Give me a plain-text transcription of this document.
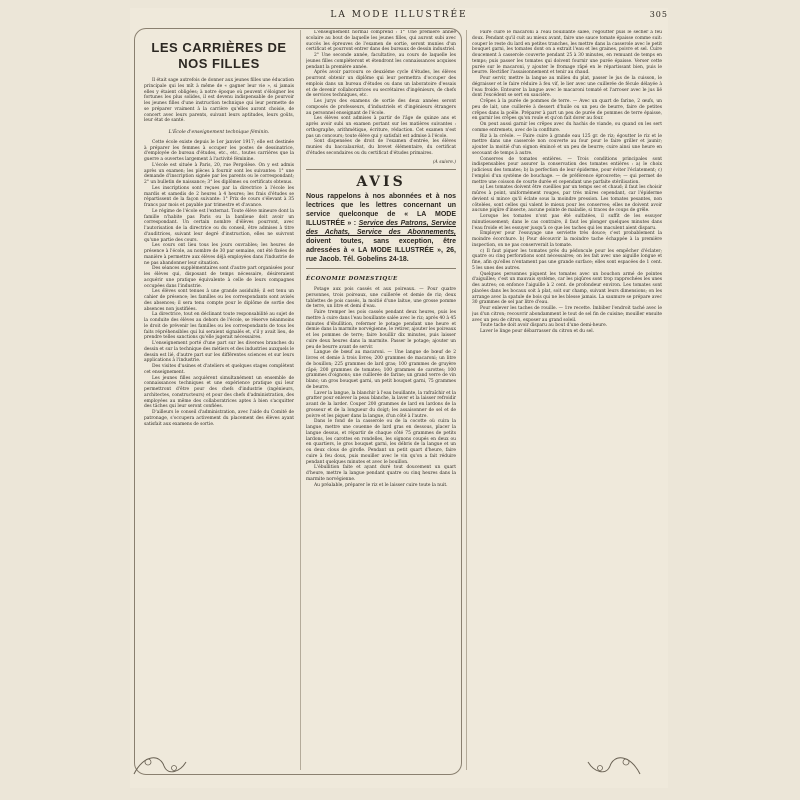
LA MODE ILLUSTRÉE	305
LES CARRIÈRES DE NOS FILLES

Il était sage autrefois de donner aux jeunes filles une éducation principale qui les mît à même de « gagner leur vie », si jamais elles y étaient obligées; à notre époque où peuvent s'éloigner les fortunes les plus solides, il est devenu indispensable de pourvoir les jeunes filles d'une instruction technique qui leur permette de se préparer vraiment à la carrière qu'elles auront choisie, de concert avec leurs parents, suivant leurs aptitudes, leurs goûts, leur état de santé.

L'École d'enseignement technique féminin.

Cette école existe depuis le 1er janvier 1917; elle est destinée à préparer les femmes à occuper les postes de dessinatrice, d'employée de bureau d'études, etc., etc., toutes carrières que la guerre a ouvertes largement à l'activité féminine.

L'école est située à Paris, 20, rue Pergolèse. On y est admis après un examen; les pièces à fournir sont les suivantes: 1° une demande d'inscription signée par les parents ou le correspondant; 2° un bulletin de naissance; 3° les diplômes ou certificats obtenus.

Les inscriptions sont reçues par la directrice à l'école les mardis et samedis de 2 heures à 4 heures; les frais d'études se répartissent de la façon suivante: 1° Prix de cours s'élevant à 35 francs par mois et payable par trimestre et d'avance.

Le régime de l'école est l'externat. Toute élève mineure dont la famille n'habite pas Paris ou la banlieue doit avoir un correspondant. Un certain nombre d'élèves pourront, avec l'autorisation de la directrice ou du conseil, être admises à titre d'auditrices, suivant leur degré d'instruction, elles ne suivront qu'une partie des cours.

Les cours ont lieu tous les jours ouvrables; les heures de présence à l'école, au nombre de 30 par semaine, ont été fixées de manière à permettre aux élèves déjà employées dans l'industrie de ne pas abandonner leur situation.

Des séances supplémentaires sont d'autre part organisées pour les élèves qui, disposant de temps nécessaire, désireraient acquérir une pratique équivalente à celle de leurs compagnes occupées dans l'industrie.

Les élèves sont tenues à une grande assiduité; il est tenu un cahier de présence; les familles ou les correspondants sont avisés des absences; il sera tenu compte pour le diplôme de sortie des absences non justifiées.

La directrice, tout en déclinant toute responsabilité au sujet de la conduite des élèves au dehors de l'école, se réserve néanmoins le droit de prévenir les familles ou les correspondants de tous les faits répréhensibles qui lui seraient signalés et, s'il y avait lieu, de prendre telles sanctions qu'elle jugerait nécessaires.

L'enseignement porté d'une part sur les diverses branches du dessin et sur la technique des métiers et des industries auxquels le dessin est lié, d'autre part sur les différentes sciences et sur leurs applications à l'industrie.

Des visites d'usines et d'ateliers et quelques stages complètent cet enseignement.

Les jeunes filles acquièrent simultanément un ensemble de connaissances techniques et une expérience pratique qui leur permettront d'être pour des chefs d'industrie (ingénieurs, architectes, constructeurs) et pour des chefs d'administration, des employées au même des collaboratrices aptes à bien s'acquitter des tâches qui leur seront confiées.

D'ailleurs le conseil d'administration, avec l'aide du Comité de patronage, s'occupera activement du placement des élèves ayant satisfait aux examens de sortie.

L'enseignement normal comprend : 1° Une première année scolaire au bout de laquelle les jeunes filles, qui auront subi avec succès les épreuves de l'examen de sortie, seront munies d'un certificat et pourront entrer dans des bureaux de dessin industriel.

2° Une seconde année, facultative, au cours de laquelle les jeunes filles compléteront et étendront les connaissances acquises pendant la première année.

Après avoir parcouru ce deuxième cycle d'études, les élèves pourront obtenir un diplôme qui leur permettra d'occuper des emplois dans un bureau d'études ou dans un laboratoire d'essais et de devenir collaboratrices ou secrétaires d'ingénieurs, de chefs de services techniques, etc.

Les jurys des examens de sortie des deux années seront composés de professeurs, d'industriels et d'ingénieurs étrangers au personnel enseignant de l'école.

Les élèves sont admises à partir de l'âge de quinze ans et après avoir subi un examen portant sur les matières suivantes : orthographe, arithmétique, écriture, rédaction. Cet examen n'est pas un concours; toute élève qui y satisfait est admise à l'école.

Sont dispensées de droit de l'examen d'entrée, les élèves munies du baccalauréat, du brevet élémentaire, du certificat d'études secondaires ou du certificat d'études primaires.

(A suivre.)
AVIS
Nous rappelons à nos abonnées et à nos lectrices que les lettres concernant un service quelconque de « LA MODE ILLUSTRÉE » : Service des Patrons, Service des Achats, Service des Abonnements, doivent toutes, sans exception, être adressées à « LA MODE ILLUSTRÉE », 26, rue Jacob. Tél. Gobelins 24-18.
ÉCONOMIE DOMESTIQUE

Potage aux pois cassés et aux poireaux. — Pour quatre personnes, trois poireaux, une cuillerée et demie de riz; deux tablettes de pois cassés, la moitié d'une laitue, une grosse pomme de terre, un litre et demi d'eau.

Faire tremper les pois cassés pendant deux heures, puis les mettre à cuire dans l'eau bouillante salée avec le riz; après 40 à 45 minutes d'ébullition, refermer le potage pendant une heure et demie dans la marmite norvégienne, le retirer, ajouter les poireaux et les pommes de terre; faire bouillir dix minutes, puis laisser cuire deux heures dans la marmite. Passer le potage; ajouter un peu de beurre avant de servir.

Langue de bœuf au macaroni. — Une langue de bœuf de 2 livres et demie à trois livres; 200 grammes de macaroni; un litre de bouillon; 225 grammes de lard gras; 100 grammes de gruyère râpé; 200 grammes de tomates; 100 grammes de carottes; 100 grammes d'oignons; une cuillerée de farine; un grand verre de vin blanc; un gros bouquet garni, un petit bouquet garni, 75 grammes de beurre.

Laver la langue, la blanchir à l'eau bouillante, la rafraîchir et la gratter pour enlever la peau blanche, la laver et la laisser refroidir avant de la larder. Couper 200 grammes de lard en lardons de la grosseur et de la longueur du doigt; les assaisonner de sel et de poivre et les piquer dans la langue, d'un côté à l'autre.

Dans le fond de la casserole ou de la cocotte où cuira la langue, mettre une couenne de lard gras en dessous, placer la langue dessus, et répartir de chaque côté 75 grammes de petits lardons, les carottes en rondelles, les oignons coupés en deux ou en quartiers, le gros bouquet garni, les débris de la langue et un ou deux clous de girofle. Pendant un petit quart d'heure, faire cuire à feu doux, puis mouiller avec le vin qu'on a fait réduire pendant quelques minutes et avec le bouillon.

L'ébullition faite et ayant duré tout doucement un quart d'heure, mettre la langue pendant quatre ou cinq heures dans la marmite norvégienne.

Au préalable, préparer le riz et le laisser cuire toute la nuit.

Faire cuire le macaroni à l'eau bouillante salée, l'égoutter puis le sécher à feu doux. Pendant qu'il cuit au mieux avant, faire une sauce tomate épaisse comme suit: couper le reste du lard en petites tranches, les mettre dans la casserole avec le petit bouquet garni, les tomates dont on a extrait l'eau et les graines, poivre et sel. Cuire doucement à casserole couverte pendant 25 à 30 minutes, en remuant de temps en temps; puis passer les tomates qui doivent fournir une purée épaisse. Verser cette purée sur le macaroni, y ajouter le fromage râpé en le répartissant bien, puis le beurre. Rectifier l'assaisonnement et tenir au chaud.

Pour servir, mettre la langue au milieu du plat, passer le jus de la cuisson, le dégraisser et le faire réduire à feu vif, le lier avec une cuillerée de fécule délayée à l'eau froide. Entourer la langue avec le macaroni tomaté et l'arroser avec le jus lié dont l'excédent se sert en saucière.

Crêpes à la purée de pommes de terre. — Avec un quart de farine, 2 œufs, un peu de lait, une cuillerée à dessert d'huile ou un peu de beurre, faire de petites crêpes dans la poêle. Préparer à part un peu de purée de pommes de terre épaisse, en garnir les crêpes qu'on roule et qu'on fait dorer au four.

On peut aussi garnir les crêpes avec du hachis de viande, ou quand on les sert comme entremets, avec de la confiture.

Riz à la créole. — Faire cuire à grande eau 125 gr. de riz; égoutter le riz et le mettre dans une casserole non couverte au four pour le faire griller et jaunir; ajouter la moitié d'un oignon émincé et un peu de beurre; cuire ainsi une heure en secouant de temps à autre.

Conserves de tomates entières. — Trois conditions principales sont indispensables pour assurer la conservation des tomates entières : a) le choix judicieux des tomates; b) la perfection de leur épiderme, pour éviter l'éclatement; c) l'emploi d'un système de bouchage. — de préférence éprouvette; — qui permet de mettre une coisson de courte durée et cependant une parfaite stérilisation.

a) Les tomates doivent être cueillies par un temps sec et chaud; il faut les choisir mûres à point, uniformément rouges, par très mûres cependant, car l'épiderme devient si mince qu'il éclate sous la moindre pression. Les tomates pesantes, non côtelées, sont celles qui valent le mieux pour les conserves; elles ne doivent avoir aucune piqûre d'insecte, aucune pointe de maladie, si traces de coups de grêle.

Lorsque les tomates n'ont pas été sulfatées, il suffit de les essuyer minutieusement; dans le cas contraire, il faut les plonger quelques minutes dans l'eau froide et les essuyer jusqu'à ce que les taches qui les maculent aient disparu.

Employer pour l'essuyage une serviette très douce; c'est probablement la moindre écorchure. b) Pour découvrir la moindre tache échappée à la première inspection, on ne pas conserverait la tomate.

c) Il faut piquer les tomates près du pédoncule pour les empêcher d'éclater; quatre ou cinq perforations sont nécessaires; on les fait avec une aiguille longue et fine, afin qu'elles n'entament pas une grande surface; elles sont espacées de 1 cent. 5 les unes des autres.

Quelques personnes piquent les tomates avec un bouchon armé de pointes d'aiguilles; c'est un mauvais système, car les piqûres sont trop rapprochées les unes des autres; on enfonce l'aiguille à 2 cent. de profondeur environ. Les tomates sont placées dans les bocaux soit à plat, soit sur champ, suivant leurs dimensions; on les arrange avec la spatule de bois qui ne les blesse jamais. La saumure se prépare avec 30 grammes de sel par litre d'eau.

Pour enlever les taches de rouille. — 1re recette. Imbiber l'endroit taché avec le jus d'un citron; recouvrir abondamment le tout de sel fin de cuisine; mouiller ensuite avec un peu de citron, exposer au grand soleil.

Toute tache doit avoir disparu au bout d'une demi-heure.

Laver le linge pour débarrasser du citron et du sel.
